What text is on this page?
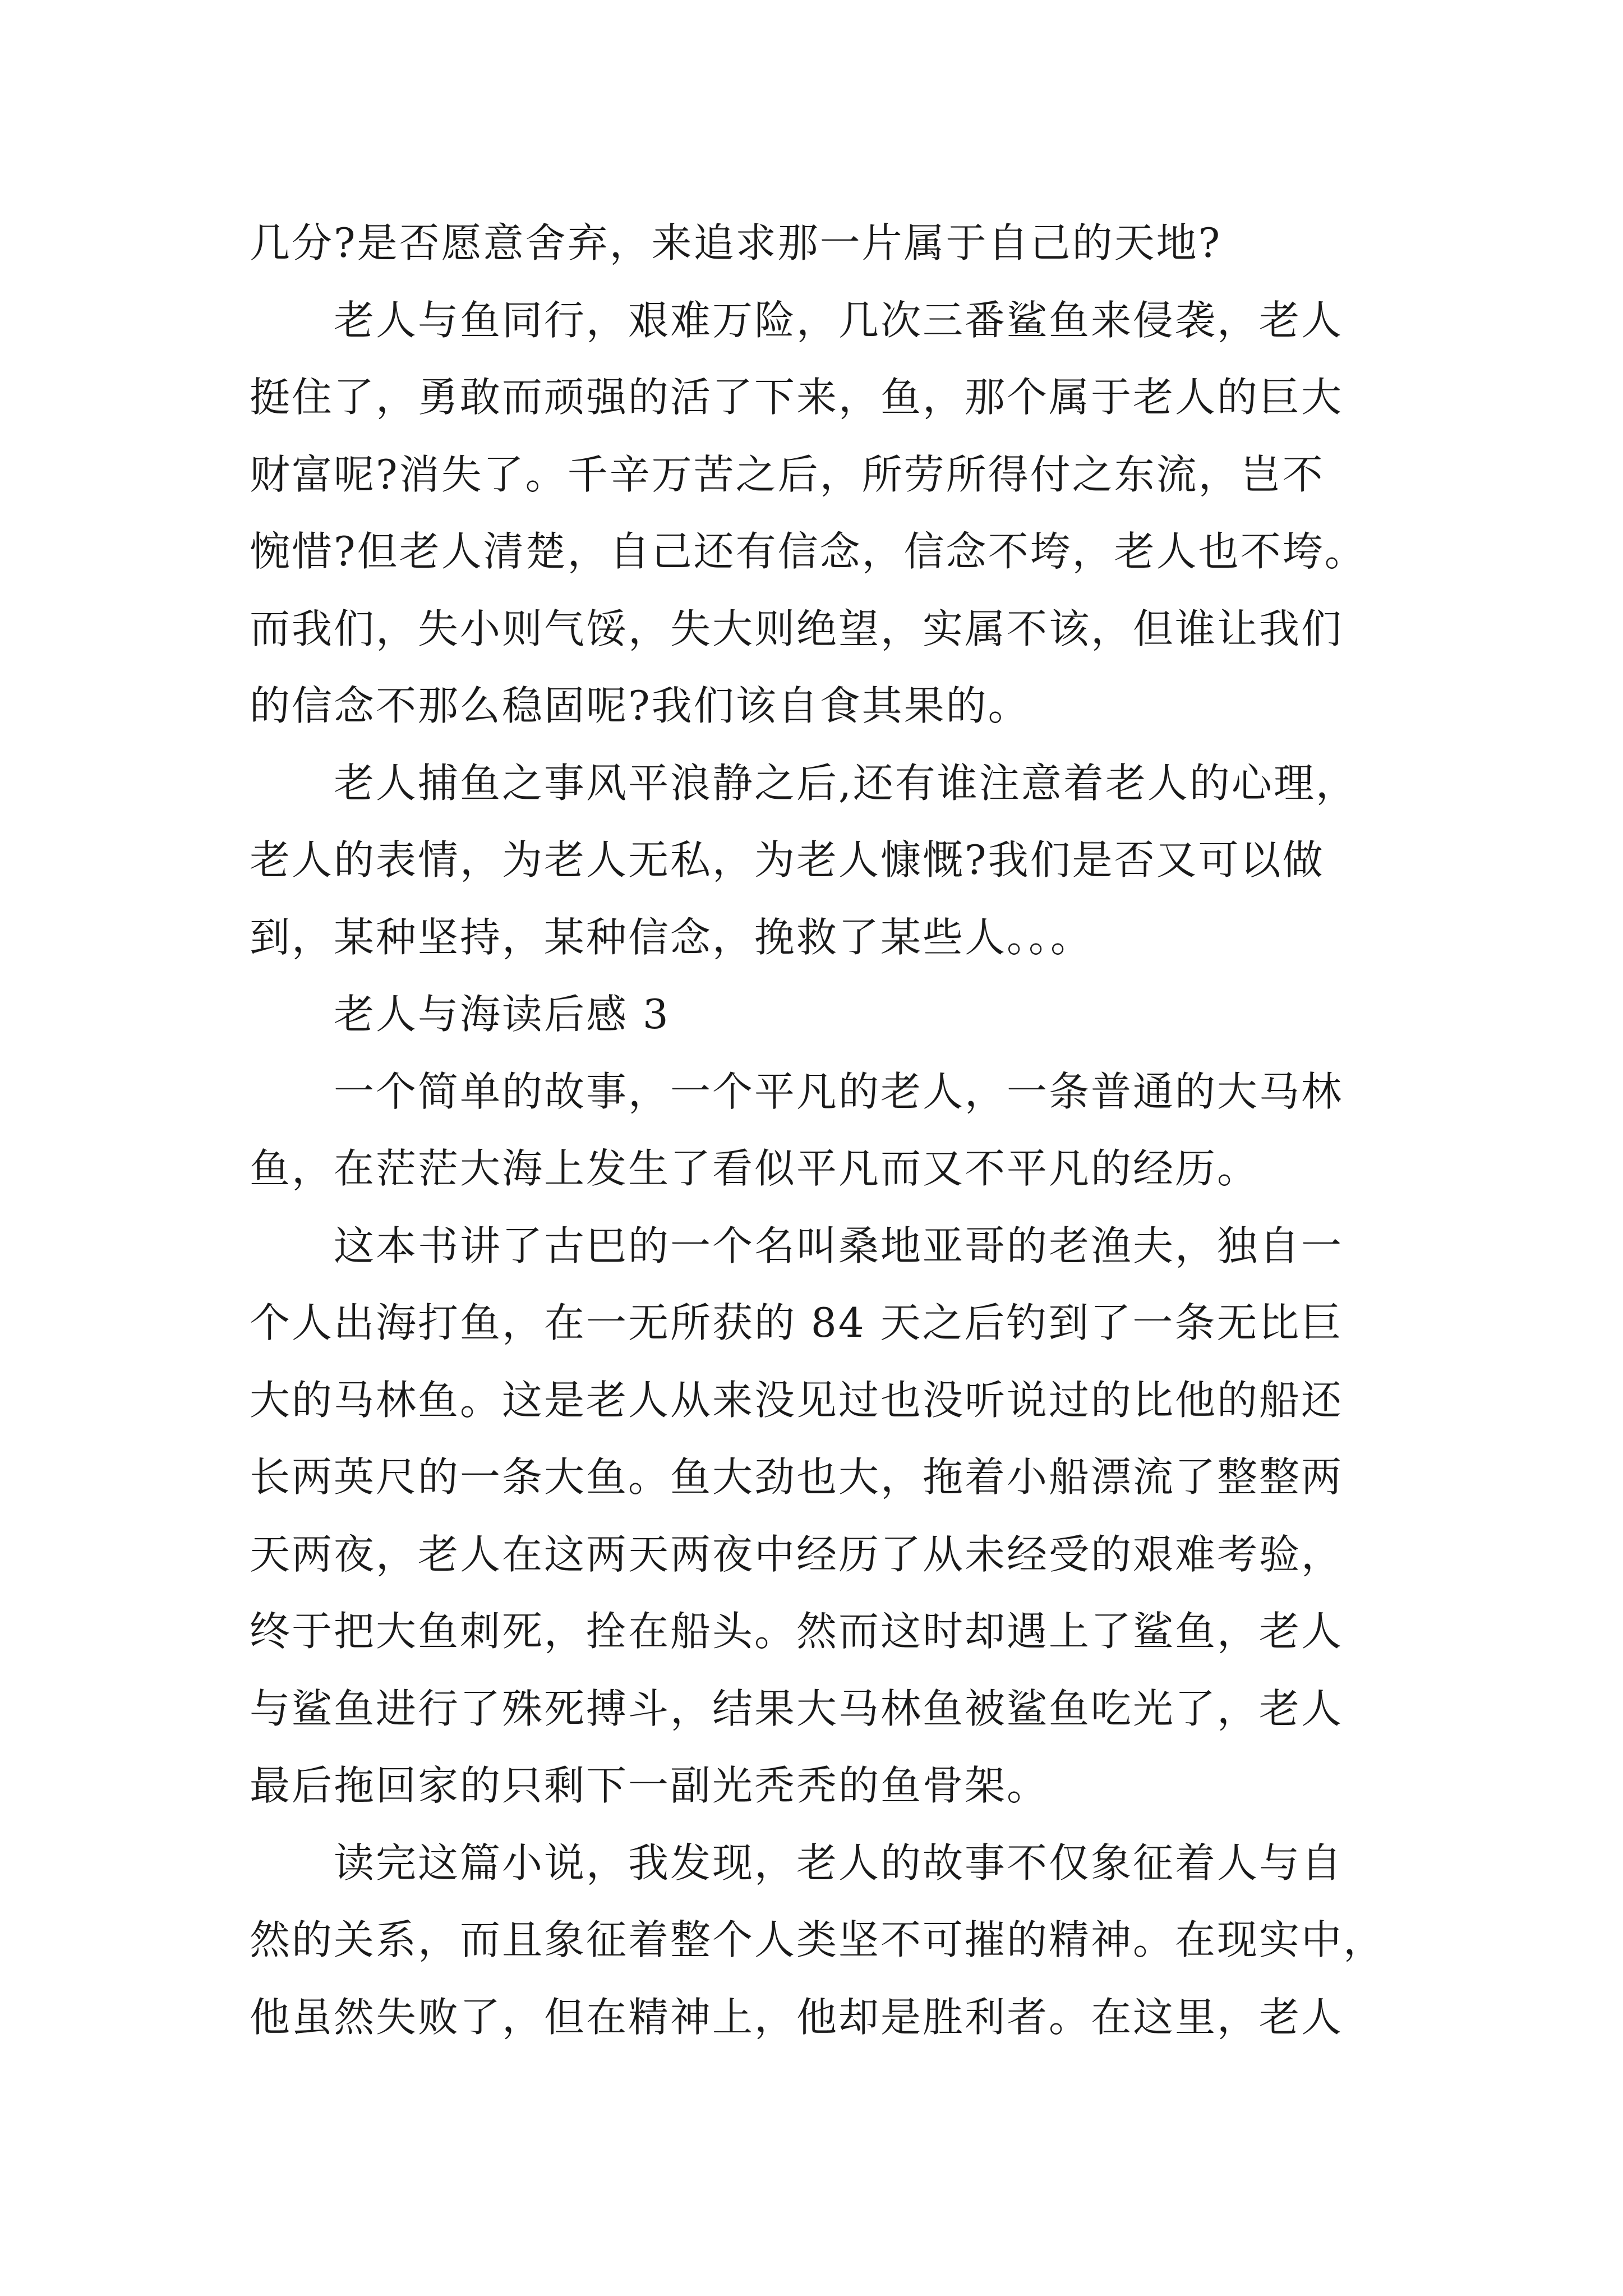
几分?是否愿意舍弃，来追求那一片属于自己的天地?
老人与鱼同行，艰难万险，几次三番鲨鱼来侵袭，老人
挺住了，勇敢而顽强的活了下来，鱼，那个属于老人的巨大
财富呢?消失了。千辛万苦之后，所劳所得付之东流，岂不
惋惜?但老人清楚，自己还有信念，信念不垮，老人也不垮。
而我们，失小则气馁，失大则绝望，实属不该，但谁让我们
的信念不那么稳固呢?我们该自食其果的。
老人捕鱼之事风平浪静之后,还有谁注意着老人的心理，
老人的表情，为老人无私，为老人慷慨?我们是否又可以做
到，某种坚持，某种信念，挽救了某些人。。。
老人与海读后感 3
一个简单的故事，一个平凡的老人，一条普通的大马林
鱼，在茫茫大海上发生了看似平凡而又不平凡的经历。
这本书讲了古巴的一个名叫桑地亚哥的老渔夫，独自一
个人出海打鱼，在一无所获的 84 天之后钓到了一条无比巨
大的马林鱼。这是老人从来没见过也没听说过的比他的船还
长两英尺的一条大鱼。鱼大劲也大，拖着小船漂流了整整两
天两夜，老人在这两天两夜中经历了从未经受的艰难考验，
终于把大鱼刺死，拴在船头。然而这时却遇上了鲨鱼，老人
与鲨鱼进行了殊死搏斗，结果大马林鱼被鲨鱼吃光了，老人
最后拖回家的只剩下一副光秃秃的鱼骨架。
读完这篇小说，我发现，老人的故事不仅象征着人与自
然的关系，而且象征着整个人类坚不可摧的精神。在现实中，
他虽然失败了，但在精神上，他却是胜利者。在这里，老人
